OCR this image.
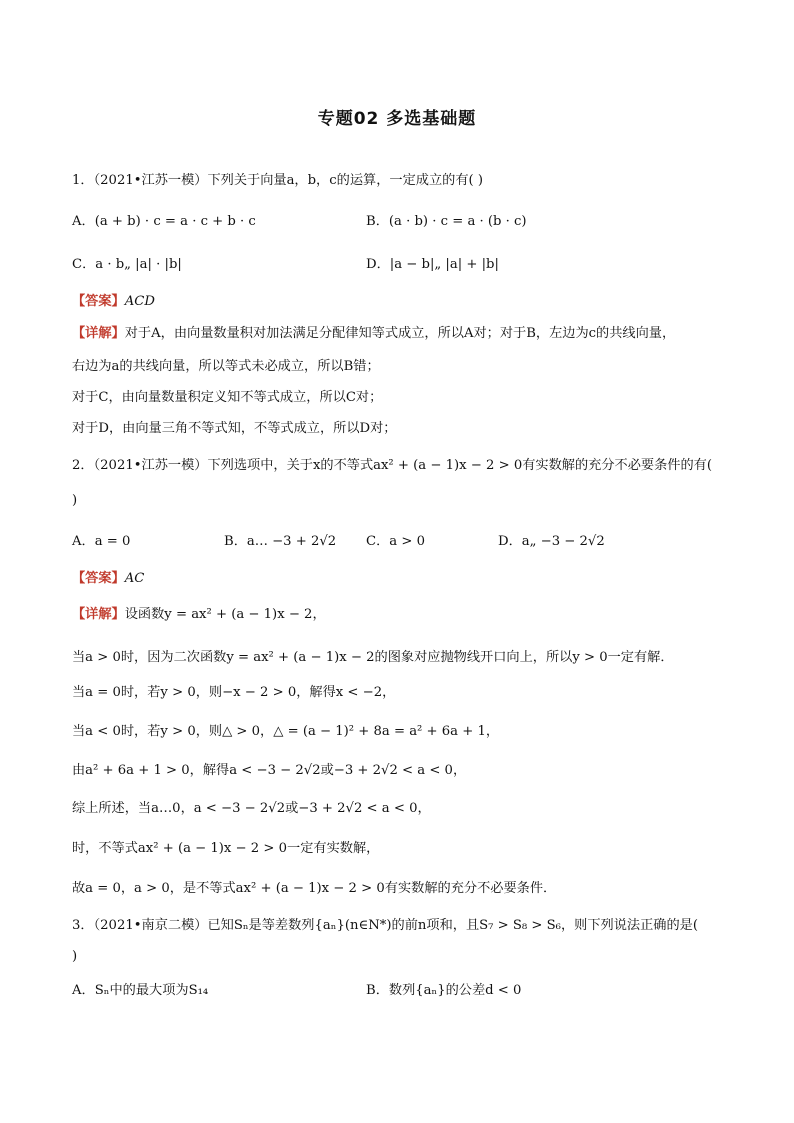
专题02 多选基础题
1．（2021•江苏一模）下列关于向量a，b，c的运算，一定成立的有( )
A．(a + b) · c = a · c + b · c	B．(a · b) · c = a · (b · c)
C．a · b„ |a| · |b|	D．|a − b|„ |a| + |b|
【答案】ACD
【详解】对于A，由向量数量积对加法满足分配律知等式成立，所以A对；对于B，左边为c的共线向量，
右边为a的共线向量，所以等式未必成立，所以B错；
对于C，由向量数量积定义知不等式成立，所以C对；
对于D，由向量三角不等式知，不等式成立，所以D对；
2．（2021•江苏一模）下列选项中，关于x的不等式ax² + (a − 1)x − 2 > 0有实数解的充分不必要条件的有(
)
A．a = 0	B．a… −3 + 2√2 C．a > 0	D．a„ −3 − 2√2
【答案】AC
【详解】设函数y = ax² + (a − 1)x − 2，
当a > 0时，因为二次函数y = ax² + (a − 1)x − 2的图象对应抛物线开口向上，所以y > 0一定有解．
当a = 0时，若y > 0，则−x − 2 > 0，解得x < −2，
当a < 0时，若y > 0，则△ > 0，△ = (a − 1)² + 8a = a² + 6a + 1，
由a² + 6a + 1 > 0，解得a < −3 − 2√2或−3 + 2√2 < a < 0，
综上所述，当a…0，a < −3 − 2√2或−3 + 2√2 < a < 0，
时，不等式ax² + (a − 1)x − 2 > 0一定有实数解，
故a = 0，a > 0，是不等式ax² + (a − 1)x − 2 > 0有实数解的充分不必要条件．
3．（2021•南京二模）已知Sₙ是等差数列{aₙ}(n∈N*)的前n项和，且S₇ > S₈ > S₆，则下列说法正确的是(
)
A．Sₙ中的最大项为S₁₄	B．数列{aₙ}的公差d < 0
